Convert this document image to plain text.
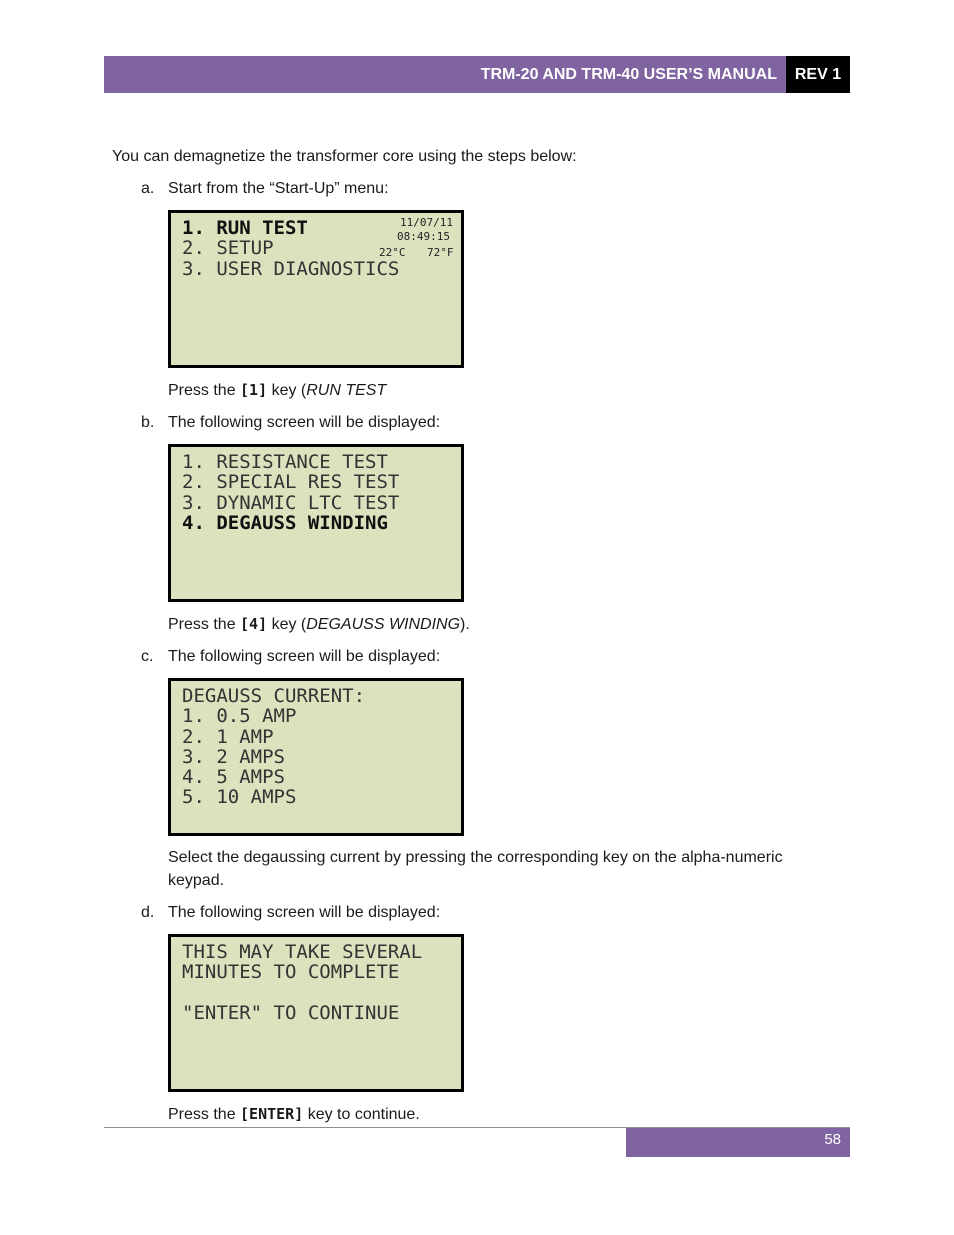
TRM-20 AND TRM-40 USER’S MANUAL REV 1
You can demagnetize the transformer core using the steps below:
a. Start from the “Start-Up” menu:
1. RUN TEST
2. SETUP
3. USER DIAGNOSTICS
11/07/11
08:49:15
22°C 72°F
Press the [1] key (RUN TEST
b. The following screen will be displayed:
1. RESISTANCE TEST
2. SPECIAL RES TEST
3. DYNAMIC LTC TEST
4. DEGAUSS WINDING
Press the [4] key (DEGAUSS WINDING).
c. The following screen will be displayed:
DEGAUSS CURRENT:
1. 0.5 AMP
2. 1 AMP
3. 2 AMPS
4. 5 AMPS
5. 10 AMPS
Select the degaussing current by pressing the corresponding key on the alpha-numeric
keypad.
d. The following screen will be displayed:
THIS MAY TAKE SEVERAL
MINUTES TO COMPLETE
"ENTER" TO CONTINUE
Press the [ENTER] key to continue.
58
